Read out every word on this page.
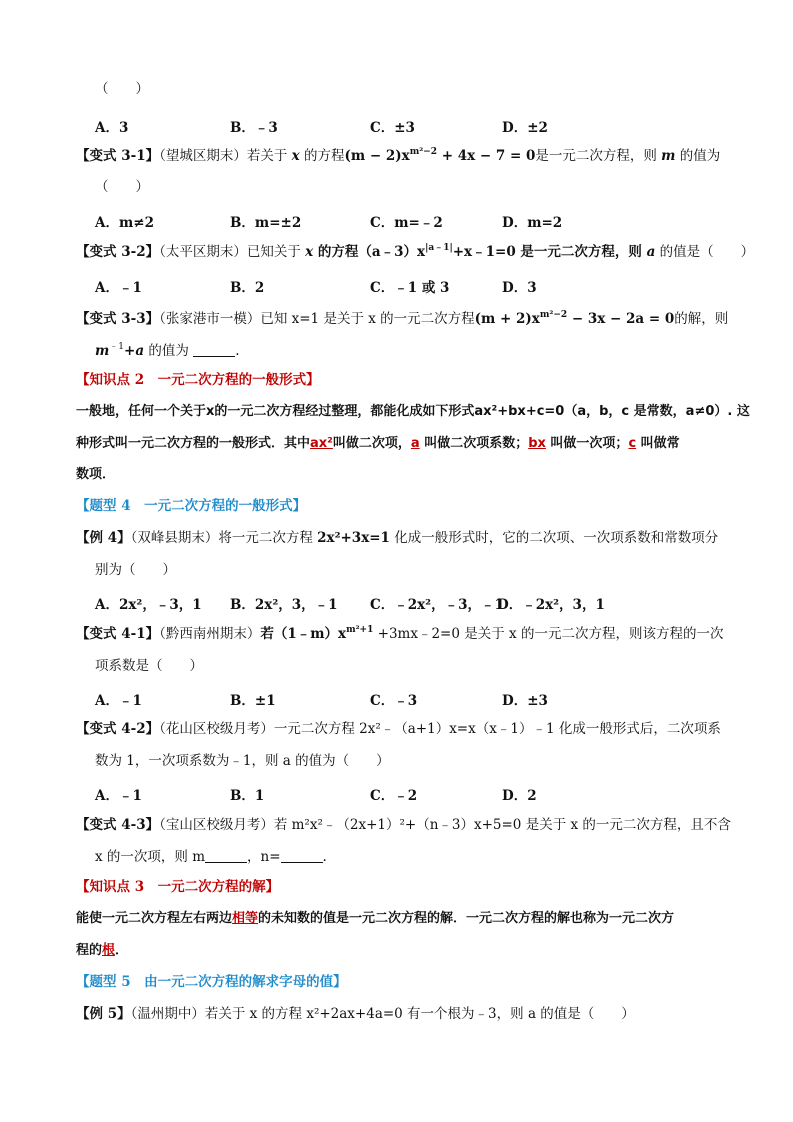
（　　）
A．3	B．﹣3	C．±3	D．±2
【变式 3-1】（望城区期末）若关于 x 的方程$(m - 2)x^{m^2-2} + 4x - 7 = 0$是一元二次方程，则 m 的值为
（　　）
A．m≠2	B．m=±2	C．m=﹣2	D．m=2
【变式 3-2】（太平区期末）已知关于 x 的方程$(a﹣3)x^{|a﹣1|}+x﹣1=0$ 是一元二次方程，则 a 的值是（　　）
A．﹣1	B．2	C．﹣1 或 3	D．3
【变式 3-3】（张家港市一模）已知 x=1 是关于 x 的一元二次方程$(m + 2)x^{m^2-2} - 3x - 2a = 0$的解，则
$m^{﹣1}+a$ 的值为	.
【知识点 2　一元二次方程的一般形式】
一般地，任何一个关于x的一元二次方程经过整理，都能化成如下形式ax²+bx+c=0（a，b，c 是常数，a≠0）. 这
种形式叫一元二次方程的一般形式．其中ax²叫做二次项，a 叫做二次项系数；bx 叫做一次项；c 叫做常
数项．
【题型 4　一元二次方程的一般形式】
【例 4】（双峰县期末）将一元二次方程 2x²+3x=1 化成一般形式时，它的二次项、一次项系数和常数项分
别为（　　）
A．2x²，﹣3，1 B．2x²，3，﹣1 C．﹣2x²，﹣3，﹣1
D．﹣2x²，3，1
【变式 4-1】（黔西南州期末）若$(1﹣m)x^{m^2+1}$ +3mx﹣2=0 是关于 x 的一元二次方程，则该方程的一次
项系数是（　　）
A．﹣1	B．±1	C．﹣3	D．±3
【变式 4-2】（花山区校级月考）一元二次方程 2x²﹣（a+1）x=x（x﹣1）﹣1 化成一般形式后，二次项系
数为 1，一次项系数为﹣1，则 a 的值为（　　）
A．﹣1	B．1	C．﹣2	D．2
【变式 4-3】（宝山区校级月考）若 m²x²﹣（2x+1）²+（n﹣3）x+5=0 是关于 x 的一元二次方程，且不含
x 的一次项，则 m	，n=	.
【知识点 3　一元二次方程的解】
能使一元二次方程左右两边相等的未知数的值是一元二次方程的解．一元二次方程的解也称为一元二次方
程的根．
【题型 5　由一元二次方程的解求字母的值】
【例 5】（温州期中）若关于 x 的方程 x²+2ax+4a=0 有一个根为﹣3，则 a 的值是（　　）
